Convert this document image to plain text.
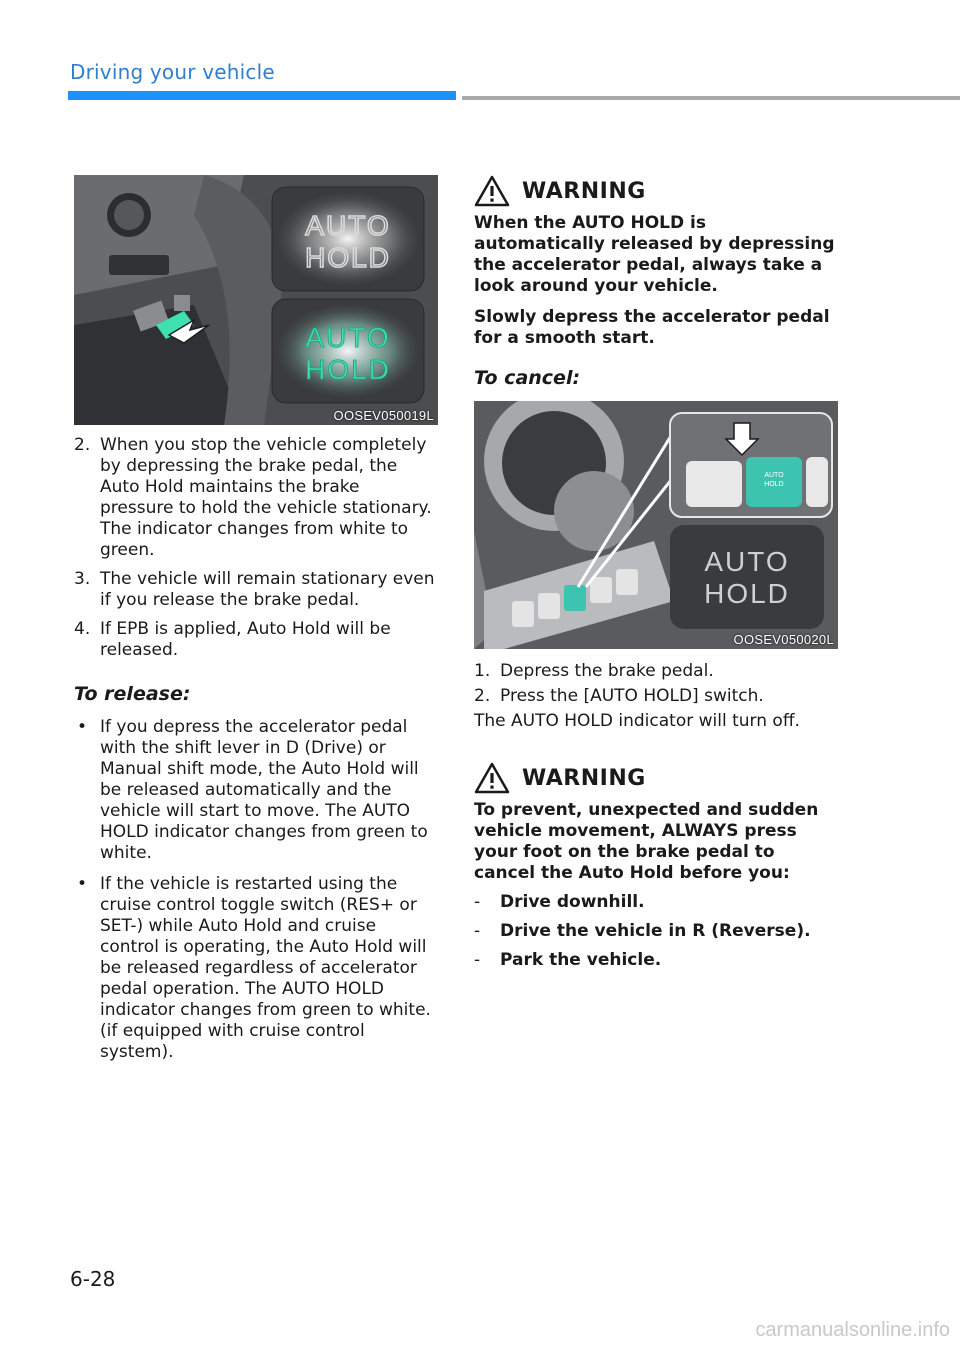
Driving your vehicle
AUTO
HOLD
AUTO
HOLD
OOSEV050019L
2. When you stop the vehicle completely by depressing the brake pedal, the Auto Hold maintains the brake pressure to hold the vehicle stationary. The indicator changes from white to green.
3. The vehicle will remain stationary even if you release the brake pedal.
4. If EPB is applied, Auto Hold will be released.
To release:
• If you depress the accelerator pedal with the shift lever in D (Drive) or Manual shift mode, the Auto Hold will be released automatically and the vehicle will start to move. The AUTO HOLD indicator changes from green to white.
• If the vehicle is restarted using the cruise control toggle switch (RES+ or SET-) while Auto Hold and cruise control is operating, the Auto Hold will be released regardless of accelerator pedal operation. The AUTO HOLD indicator changes from green to white. (if equipped with cruise control system).
WARNING

When the AUTO HOLD is automatically released by depressing the accelerator pedal, always take a look around your vehicle.

Slowly depress the accelerator pedal for a smooth start.

To cancel:
AUTO
HOLD
AUTO
HOLD
OOSEV050020L
1. Depress the brake pedal.
2. Press the [AUTO HOLD] switch.

The AUTO HOLD indicator will turn off.

WARNING

To prevent, unexpected and sudden vehicle movement, ALWAYS press your foot on the brake pedal to cancel the Auto Hold before you:

- Drive downhill.
- Drive the vehicle in R (Reverse).
- Park the vehicle.
6-28
carmanualsonline.info
